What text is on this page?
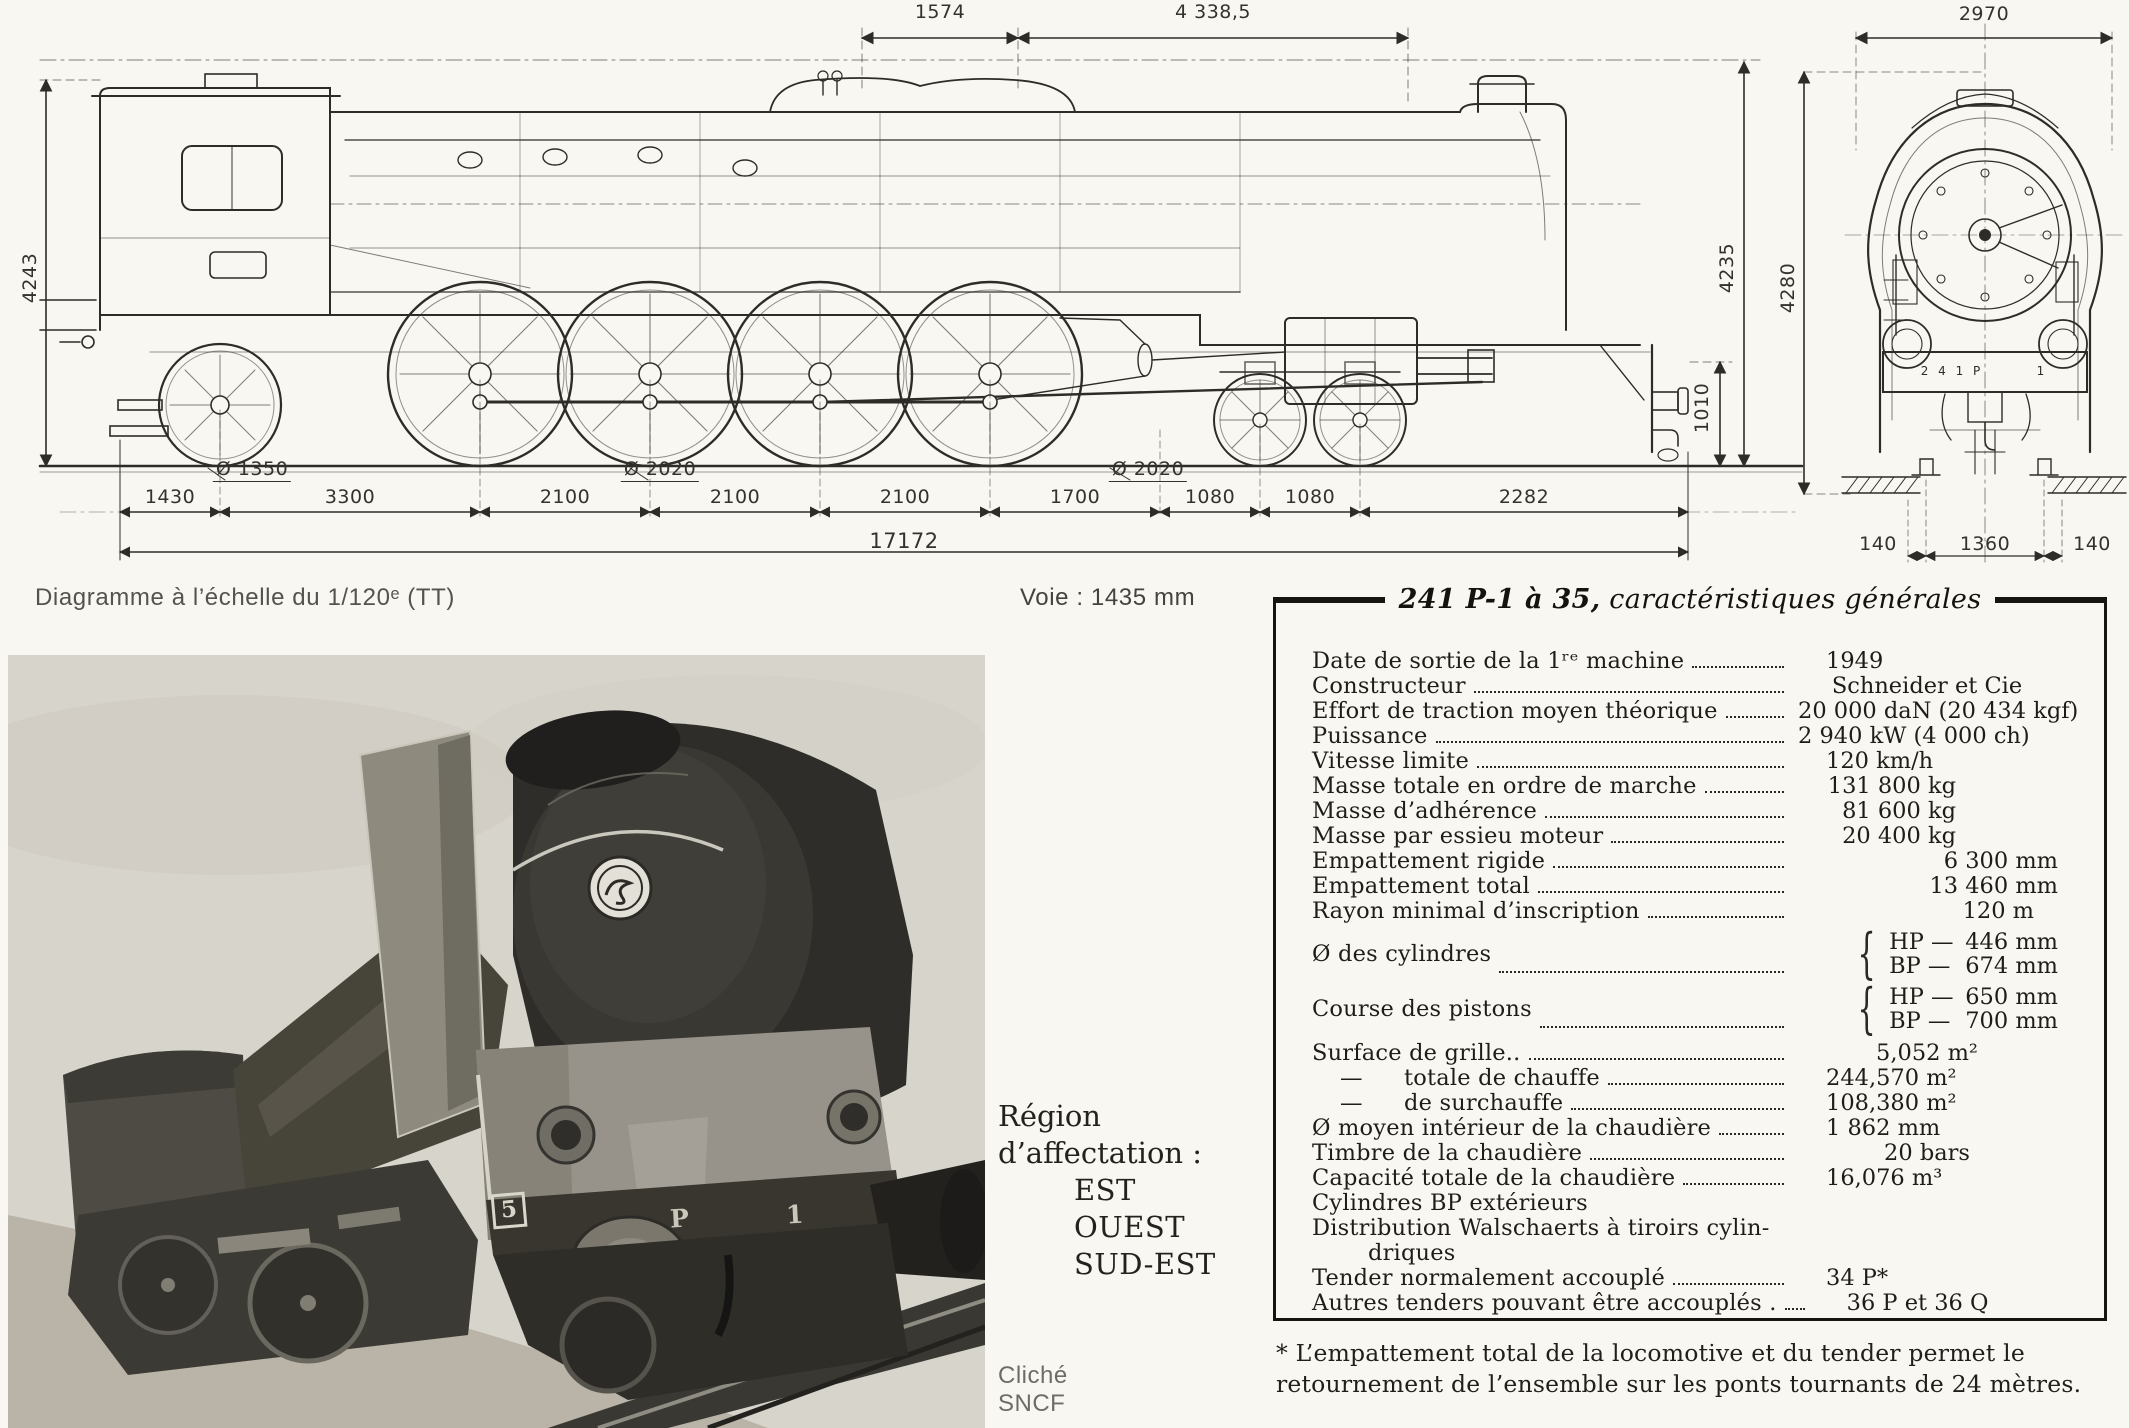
1574	4 338,5	2970
4243	4235
1010
4280
1430	3300	2100	2100	2100	1700	1080	1080	2282
17172
Ø 1350	Ø 2020	Ø 2020
140	1360	140
2 4 1 P	1
Diagramme à l’échelle du 1/120ᵉ (TT)	Voie : 1435 mm
5	P	1
Région
d’affectation :
EST
OUEST
SUD-EST
Cliché
SNCF
241 P-1 à 35, caractéristiques générales
Date de sortie de la 1ʳᵉ machine	1949
Constructeur	Schneider et Cie
Effort de traction moyen théorique	20 000 daN (20 434 kgf)
Puissance	2 940 kW (4 000 ch)
Vitesse limite	120 km/h
Masse totale en ordre de marche	131 800 kg
Masse d’adhérence	81 600 kg
Masse par essieu moteur	20 400 kg
Empattement rigide	6 300 mm
Empattement total	13 460 mm
Rayon minimal d’inscription	120 m
Ø des cylindres	{ HP — 446 mm
BP — 674 mm
Course des pistons	{ HP — 650 mm
BP — 700 mm
Surface de grille..	5,052 m²
— totale de chauffe	244,570 m²
— de surchauffe	108,380 m²
Ø moyen intérieur de la chaudière	1 862 mm
Timbre de la chaudière	20 bars
Capacité totale de la chaudière	16,076 m³
Cylindres BP extérieurs
Distribution Walschaerts à tiroirs cylin-
driques
Tender normalement accouplé	34 P*
Autres tenders pouvant être accouplés .	36 P et 36 Q
* L’empattement total de la locomotive et du tender permet le
retournement de l’ensemble sur les ponts tournants de 24 mètres.
